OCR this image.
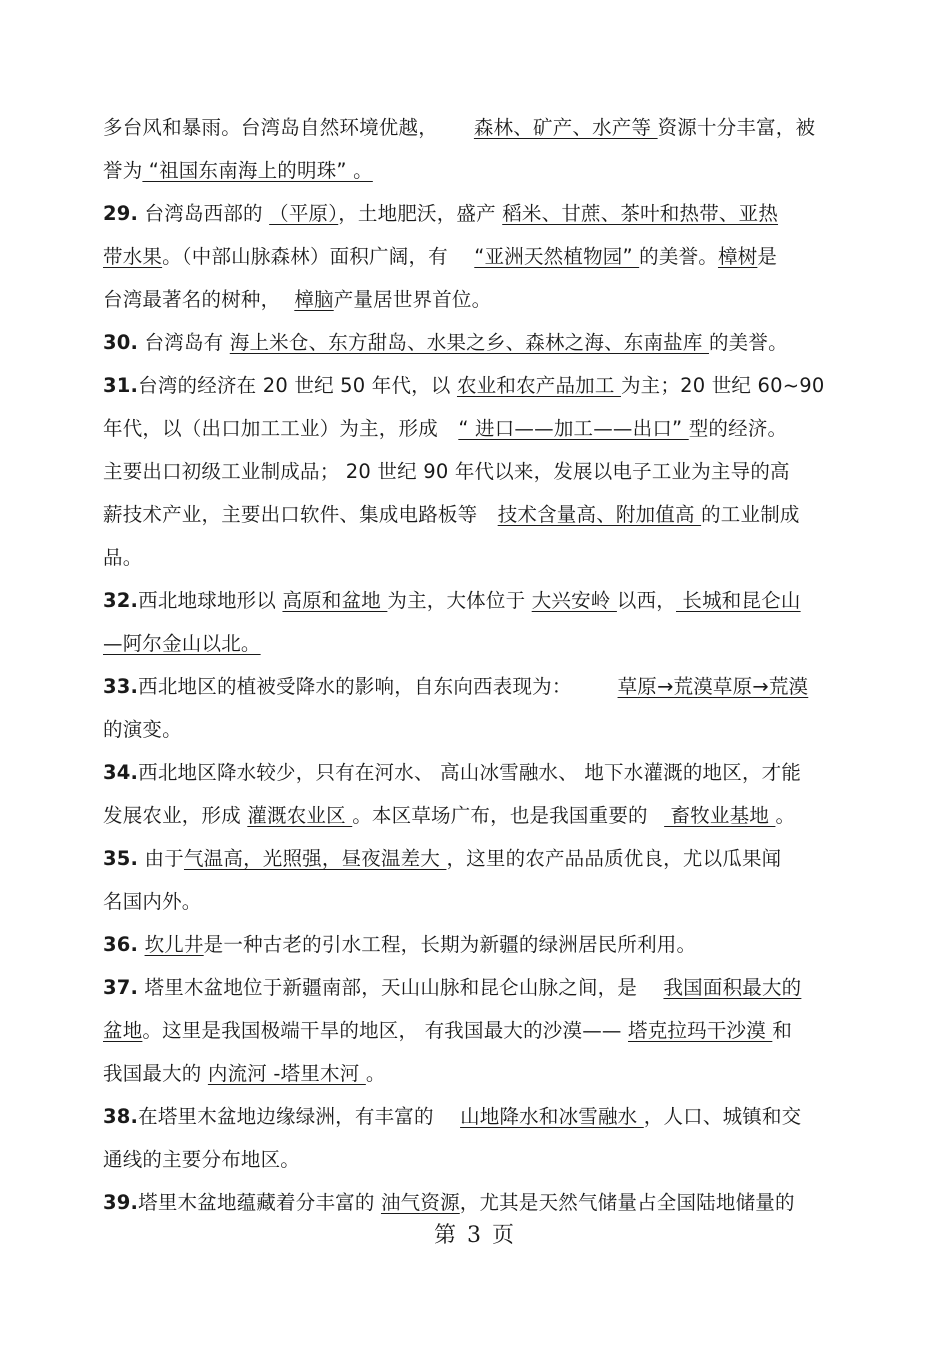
多台风和暴雨。台湾岛自然环境优越， 森林、矿产、水产等 资源十分丰富，被
誉为 “祖国东南海上的明珠” 。
29. 台湾岛西部的 （平原），土地肥沃，盛产 稻米、甘蔗、茶叶和热带、亚热
带水果。（中部山脉森林）面积广阔，有 “亚洲天然植物园” 的美誉。樟树是
台湾最著名的树种， 樟脑产量居世界首位。
30. 台湾岛有 海上米仓、东方甜岛、水果之乡、森林之海、东南盐库 的美誉。
31.台湾的经济在 20 世纪 50 年代，以 农业和农产品加工 为主；20 世纪 60~90
年代，以（出口加工工业）为主，形成 “ 进口——加工——出口” 型的经济。
主要出口初级工业制成品； 20 世纪 90 年代以来，发展以电子工业为主导的高
薪技术产业，主要出口软件、集成电路板等 技术含量高、附加值高 的工业制成
品。
32.西北地球地形以 高原和盆地 为主，大体位于 大兴安岭 以西， 长城和昆仑山
—阿尔金山以北。
33.西北地区的植被受降水的影响，自东向西表现为： 草原→荒漠草原→荒漠
的演变。
34.西北地区降水较少，只有在河水、 高山冰雪融水、 地下水灌溉的地区，才能
发展农业，形成 灌溉农业区 。本区草场广布，也是我国重要的  畜牧业基地 。
35. 由于气温高，光照强，昼夜温差大 ，这里的农产品品质优良，尤以瓜果闻
名国内外。
36. 坎儿井是一种古老的引水工程，长期为新疆的绿洲居民所利用。
37. 塔里木盆地位于新疆南部，天山山脉和昆仑山脉之间，是 我国面积最大的
盆地。这里是我国极端干旱的地区， 有我国最大的沙漠—— 塔克拉玛干沙漠 和
我国最大的 内流河 -塔里木河 。
38.在塔里木盆地边缘绿洲，有丰富的 山地降水和冰雪融水 ，人口、城镇和交
通线的主要分布地区。
39.塔里木盆地蕴藏着分丰富的 油气资源，尤其是天然气储量占全国陆地储量的
第 3 页
